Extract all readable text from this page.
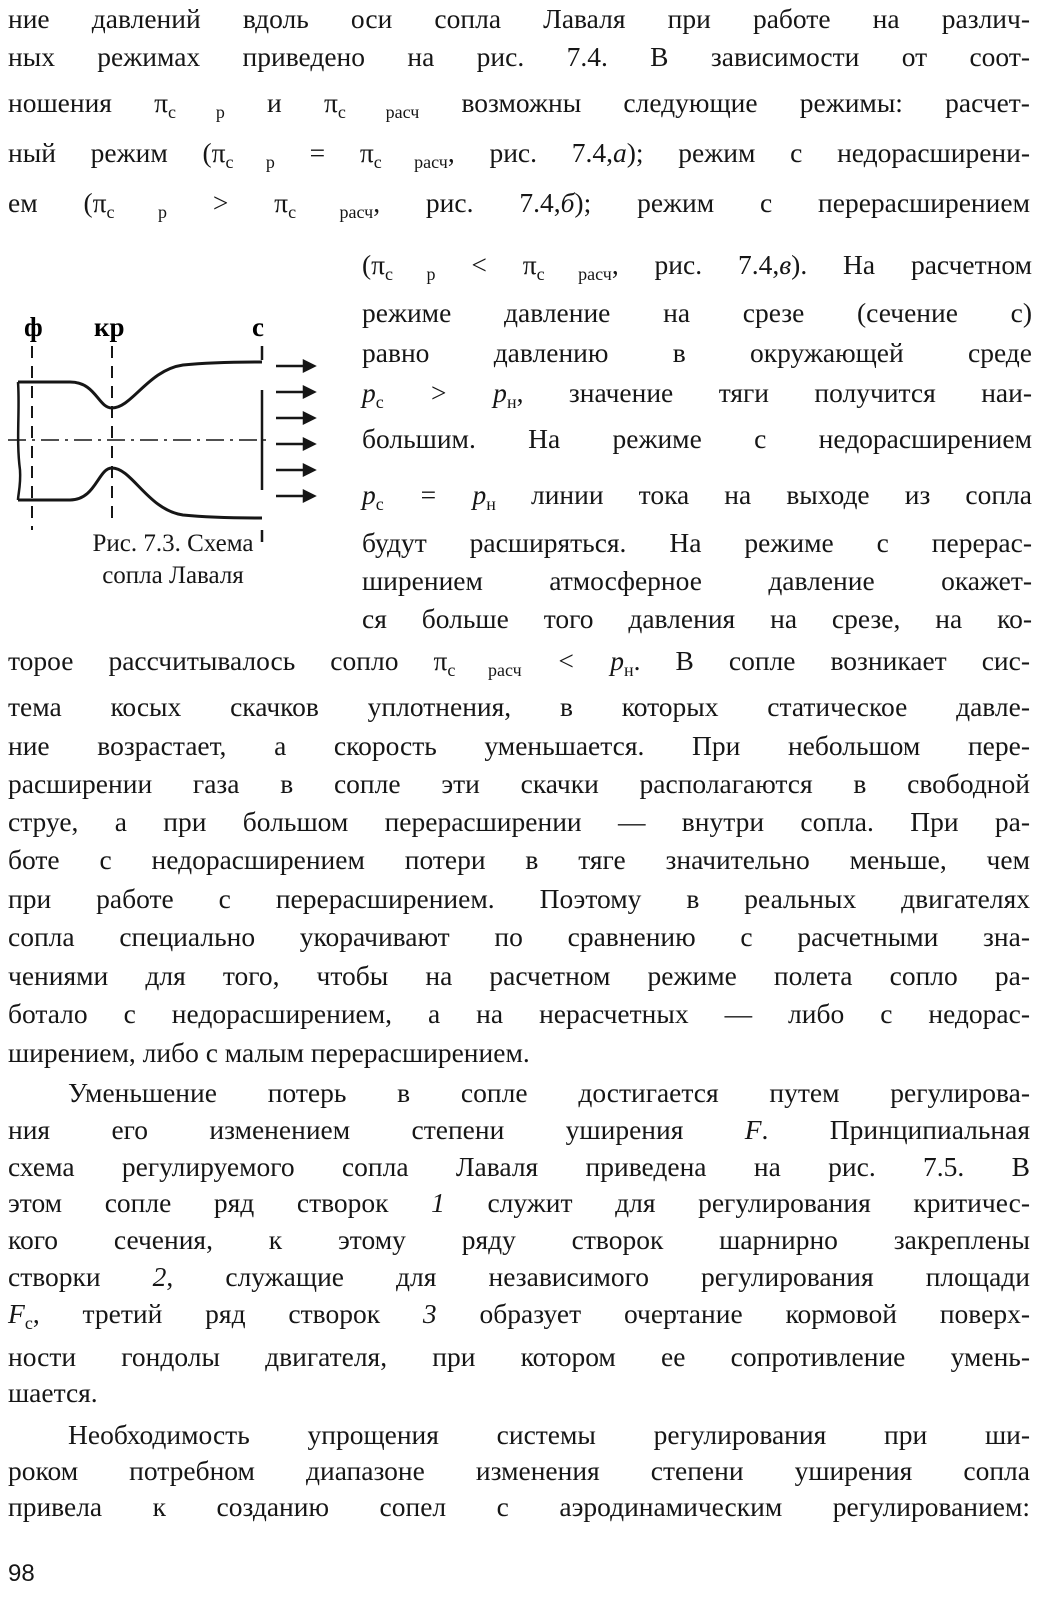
ние давлений вдоль оси сопла Лаваля при работе на различ-
ных режимах приведено на рис. 7.4. В зависимости от соот-
ношения $\pi_{с р}$ и $\pi_{с расч}$ возможны следующие режимы: расчет-
ный режим ($\pi_{с р} = \pi_{с расч}$, рис. 7.4,а); режим с недорасширени-
ем ($\pi_{с р} > \pi_{с расч}$, рис. 7.4,б); режим с перерасширением
($\pi_{с р} < \pi_{с расч}$, рис. 7.4,в). На расчетном
режиме давление на срезе (сечение с)
равно давлению в окружающей среде
$p_с > p_н$, значение тяги получится наи-
большим. На режиме с недорасширением
$p_с = p_н$ линии тока на выходе из сопла
будут расширяться. На режиме с перерас-
ширением атмосферное давление окажет-
ся больше того давления на срезе, на ко-
торое рассчитывалось сопло $\pi_{с расч} < p_н$. В сопле возникает сис-
тема косых скачков уплотнения, в которых статическое давле-
ние возрастает, а скорость уменьшается. При небольшом пере-
расширении газа в сопле эти скачки располагаются в свободной
струе, а при большом перерасширении — внутри сопла. При ра-
боте с недорасширением потери в тяге значительно меньше, чем
при работе с перерасширением. Поэтому в реальных двигателях
сопла специально укорачивают по сравнению с расчетными зна-
чениями для того, чтобы на расчетном режиме полета сопло ра-
ботало с недорасширением, а на нерасчетных — либо с недорас-
ширением, либо с малым перерасширением.
Уменьшение потерь в сопле достигается путем регулирова-
ния его изменением степени уширения F. Принципиальная
схема регулируемого сопла Лаваля приведена на рис. 7.5. В
этом сопле ряд створок 1 служит для регулирования критичес-
кого сечения, к этому ряду створок шарнирно закреплены
створки 2, служащие для независимого регулирования площади
$F_с$, третий ряд створок 3 образует очертание кормовой поверх-
ности гондолы двигателя, при котором ее сопротивление умень-
шается.
Необходимость упрощения системы регулирования при ши-
роком потребном диапазоне изменения степени уширения сопла
привела к созданию сопел с аэродинамическим регулированием:
ф кр	с
Рис. 7.3. Схема
сопла Лаваля
98
